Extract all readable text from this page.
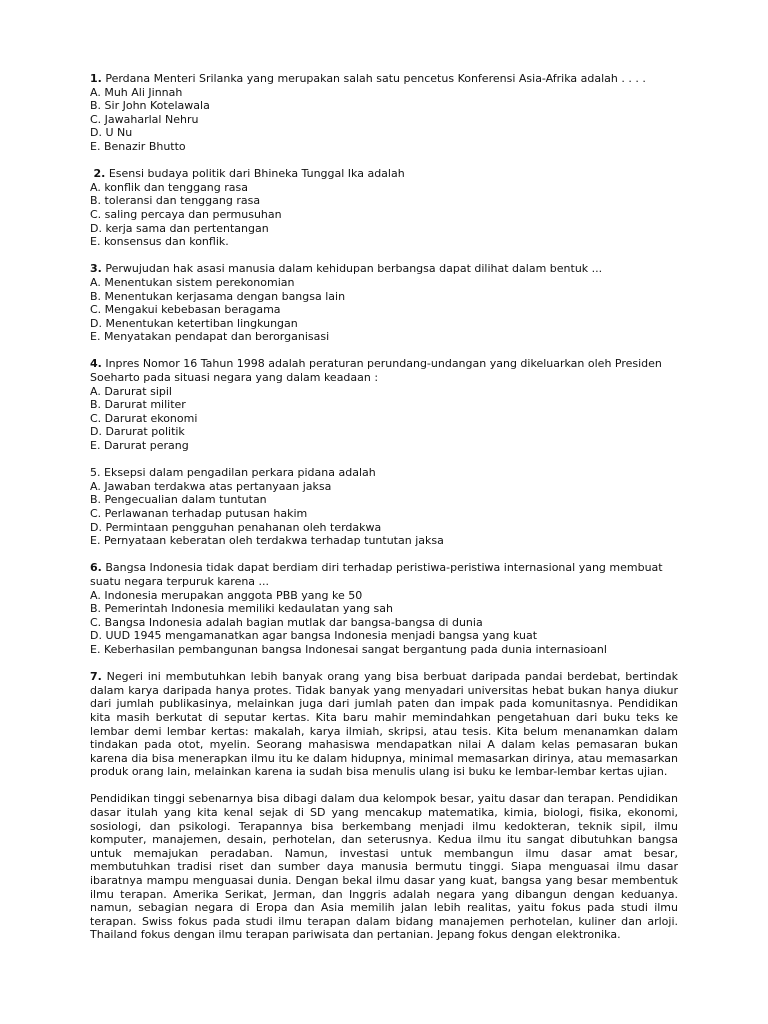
1. Perdana Menteri Srilanka yang merupakan salah satu pencetus Konferensi Asia-Afrika adalah . . . .

A. Muh Ali Jinnah

B. Sir John Kotelawala

C. Jawaharlal Nehru

D. U Nu

E. Benazir Bhutto

2. Esensi budaya politik dari Bhineka Tunggal Ika adalah

A. konflik dan tenggang rasa

B. toleransi dan tenggang rasa

C. saling percaya dan permusuhan

D. kerja sama dan pertentangan

E. konsensus dan konflik.

3. Perwujudan hak asasi manusia dalam kehidupan berbangsa dapat dilihat dalam bentuk ...

A. Menentukan sistem perekonomian

B. Menentukan kerjasama dengan bangsa lain

C. Mengakui kebebasan beragama

D. Menentukan ketertiban lingkungan

E. Menyatakan pendapat dan berorganisasi

4. Inpres Nomor 16 Tahun 1998 adalah peraturan perundang-undangan yang dikeluarkan oleh Presiden Soeharto pada situasi negara yang dalam keadaan :

A. Darurat sipil

B. Darurat militer

C. Darurat ekonomi

D. Darurat politik

E. Darurat perang

5. Eksepsi dalam pengadilan perkara pidana adalah

A. Jawaban terdakwa atas pertanyaan jaksa

B. Pengecualian dalam tuntutan

C. Perlawanan terhadap putusan hakim

D. Permintaan pengguhan penahanan oleh terdakwa

E. Pernyataan keberatan oleh terdakwa terhadap tuntutan jaksa

6. Bangsa Indonesia tidak dapat berdiam diri terhadap peristiwa-peristiwa internasional yang membuat suatu negara terpuruk karena ...

A. Indonesia merupakan anggota PBB yang ke 50

B. Pemerintah Indonesia memiliki kedaulatan yang sah

C. Bangsa Indonesia adalah bagian mutlak dar bangsa-bangsa di dunia

D. UUD 1945 mengamanatkan agar bangsa Indonesia menjadi bangsa yang kuat

E. Keberhasilan pembangunan bangsa Indonesai sangat bergantung pada dunia internasioanl

7. Negeri ini membutuhkan lebih banyak orang yang bisa berbuat daripada pandai berdebat, bertindak dalam karya daripada hanya protes. Tidak banyak yang menyadari universitas hebat bukan hanya diukur dari jumlah publikasinya, melainkan juga dari jumlah paten dan impak pada komunitasnya. Pendidikan kita masih berkutat di seputar kertas. Kita baru mahir memindahkan pengetahuan dari buku teks ke lembar demi lembar kertas: makalah, karya ilmiah, skripsi, atau tesis. Kita belum menanamkan dalam tindakan pada otot, myelin. Seorang mahasiswa mendapatkan nilai A dalam kelas pemasaran bukan karena dia bisa menerapkan ilmu itu ke dalam hidupnya, minimal memasarkan dirinya, atau memasarkan produk orang lain, melainkan karena ia sudah bisa menulis ulang isi buku ke lembar-lembar kertas ujian.

Pendidikan tinggi sebenarnya bisa dibagi dalam dua kelompok besar, yaitu dasar dan terapan. Pendidikan dasar itulah yang kita kenal sejak di SD yang mencakup matematika, kimia, biologi, fisika, ekonomi, sosiologi, dan psikologi. Terapannya bisa berkembang menjadi ilmu kedokteran, teknik sipil, ilmu komputer, manajemen, desain, perhotelan, dan seterusnya. Kedua ilmu itu sangat dibutuhkan bangsa untuk memajukan peradaban. Namun, investasi untuk membangun ilmu dasar amat besar, membutuhkan tradisi riset dan sumber daya manusia bermutu tinggi. Siapa menguasai ilmu dasar ibaratnya mampu menguasai dunia. Dengan bekal ilmu dasar yang kuat, bangsa yang besar membentuk ilmu terapan. Amerika Serikat, Jerman, dan Inggris adalah negara yang dibangun dengan keduanya. namun, sebagian negara di Eropa dan Asia memilih jalan lebih realitas, yaitu fokus pada studi ilmu terapan. Swiss fokus pada studi ilmu terapan dalam bidang manajemen perhotelan, kuliner dan arloji. Thailand fokus dengan ilmu terapan pariwisata dan pertanian. Jepang fokus dengan elektronika.
